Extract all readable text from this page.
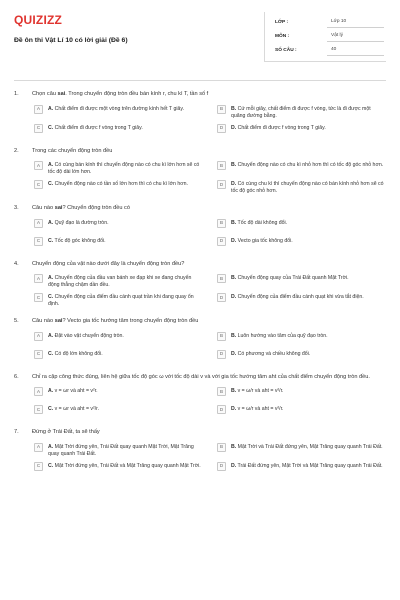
QUIZIZZ
Đề ôn thi Vật Lí 10 có lời giải (Đề 6)
LỚP :	Lớp 10
MÔN :	Vật lý
SỐ CÂU :	40
1.	Chọn câu sai. Trong chuyển động tròn đều bán kính r, chu kì T, tần số f
A	A. Chất điểm đi được một vòng trên đường kính hết T giây.	B	B. Cứ mỗi giây, chất điểm đi được f vòng, tức là đi được một quãng đường bằng.
C	C. Chất điểm đi được f vòng trong T giây.	D	D. Chất điểm đi được f vòng trong T giây.
2.	Trong các chuyển động tròn đều
A	A. Có cùng bán kính thì chuyển động nào có chu kì lớn hơn sẽ có tốc độ dài lớn hơn.
B	B. Chuyển động nào có chu kì nhỏ hơn thì có tốc độ góc nhỏ hơn.
C	C. Chuyển động nào có tần số lớn hơn thì có chu kì lớn hơn.	D	D. Có cùng chu kì thì chuyển động nào có bán kính nhỏ hơn sẽ có tốc độ góc nhỏ hơn.
3.	Câu nào sai? Chuyển động tròn đều có
A	A. Quỹ đạo là đường tròn.	B	B. Tốc độ dài không đổi.
C	C. Tốc độ góc không đổi.	D	D. Vecto gia tốc không đổi.
4.	Chuyển động của vật nào dưới đây là chuyển động tròn đều?
A	A. Chuyển động của đầu van bánh xe đạp khi xe đang chuyển động thẳng chậm dần đều.
B	B. Chuyển động quay của Trái Đất quanh Mặt Trời.
C	C. Chuyển động của điểm đầu cánh quạt trần khi đang quay ổn định.
D	D. Chuyển động của điểm đầu cánh quạt khi vừa tắt điện.
5.	Câu nào sai? Vecto gia tốc hướng tâm trong chuyển động tròn đều
A	A. Đặt vào vật chuyển động tròn.	B	B. Luôn hướng vào tâm của quỹ đạo tròn.
C	C. Có độ lớn không đổi.	D	D. Có phương và chiều không đổi.
6.	Chỉ ra cặp công thức đúng, liên hệ giữa tốc độ góc ω với tốc độ dài v và với gia tốc hướng tâm aht của chất điểm chuyển động tròn đều.
A	A. v = ωr và aht = v²r.	B	B. v = ω/r và aht = v²/r.
C	C. v = ωr và aht = v²/r.	D	D. v = ω/r và aht = v²/r.
7.	Đứng ở Trái Đất, ta sẽ thấy
A	A. Mặt Trời đứng yên, Trái Đất quay quanh Mặt Trời, Mặt Trăng quay quanh Trái Đất.
B	B. Mặt Trời và Trái Đất đứng yên, Mặt Trăng quay quanh Trái Đất.
C	C. Mặt Trời đứng yên, Trái Đất và Mặt Trăng quay quanh Mặt Trời.	D	D. Trái Đất đứng yên, Mặt Trời và Mặt Trăng quay quanh Trái Đất.
